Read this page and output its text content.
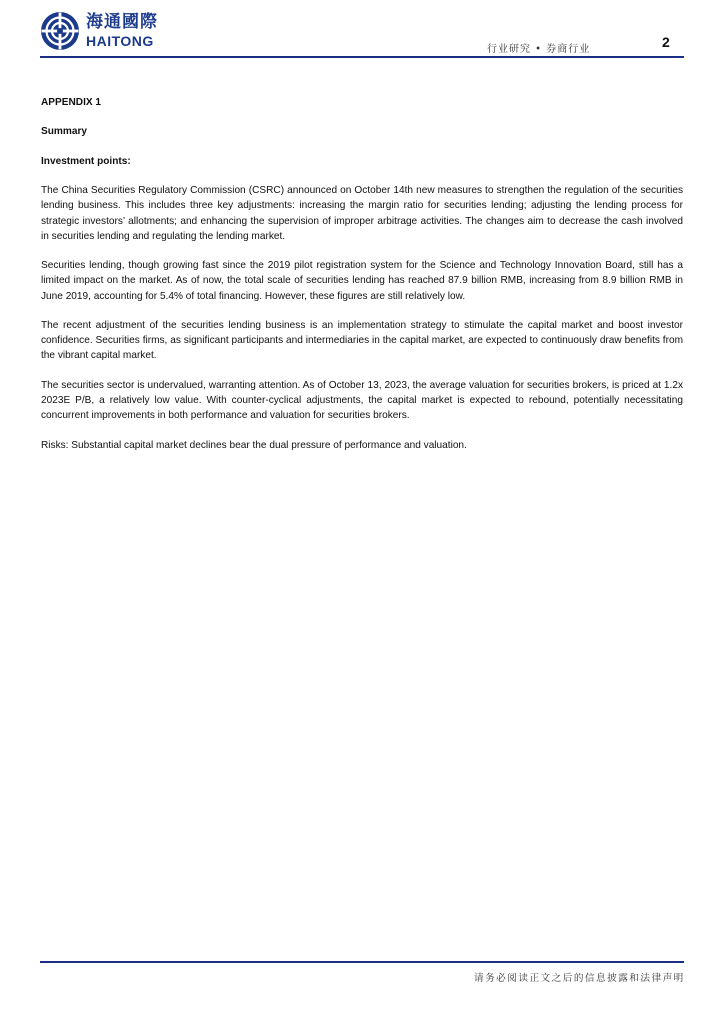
海通國際
HAITONG
行业研究 • 券商行业	2

APPENDIX 1

Summary

Investment points:

The China Securities Regulatory Commission (CSRC) announced on October 14th new measures to strengthen the regulation of the securities lending business. This includes three key adjustments: increasing the margin ratio for securities lending; adjusting the lending process for strategic investors’ allotments; and enhancing the supervision of improper arbitrage activities. The changes aim to decrease the cash involved in securities lending and regulating the lending market.

Securities lending, though growing fast since the 2019 pilot registration system for the Science and Technology Innovation Board, still has a limited impact on the market. As of now, the total scale of securities lending has reached 87.9 billion RMB, increasing from 8.9 billion RMB in June 2019, accounting for 5.4% of total financing. However, these figures are still relatively low.

The recent adjustment of the securities lending business is an implementation strategy to stimulate the capital market and boost investor confidence. Securities firms, as significant participants and intermediaries in the capital market, are expected to continuously draw benefits from the vibrant capital market.

The securities sector is undervalued, warranting attention. As of October 13, 2023, the average valuation for securities brokers, is priced at 1.2x 2023E P/B, a relatively low value. With counter-cyclical adjustments, the capital market is expected to rebound, potentially necessitating concurrent improvements in both performance and valuation for securities brokers.

Risks: Substantial capital market declines bear the dual pressure of performance and valuation.

请务必阅读正文之后的信息披露和法律声明
